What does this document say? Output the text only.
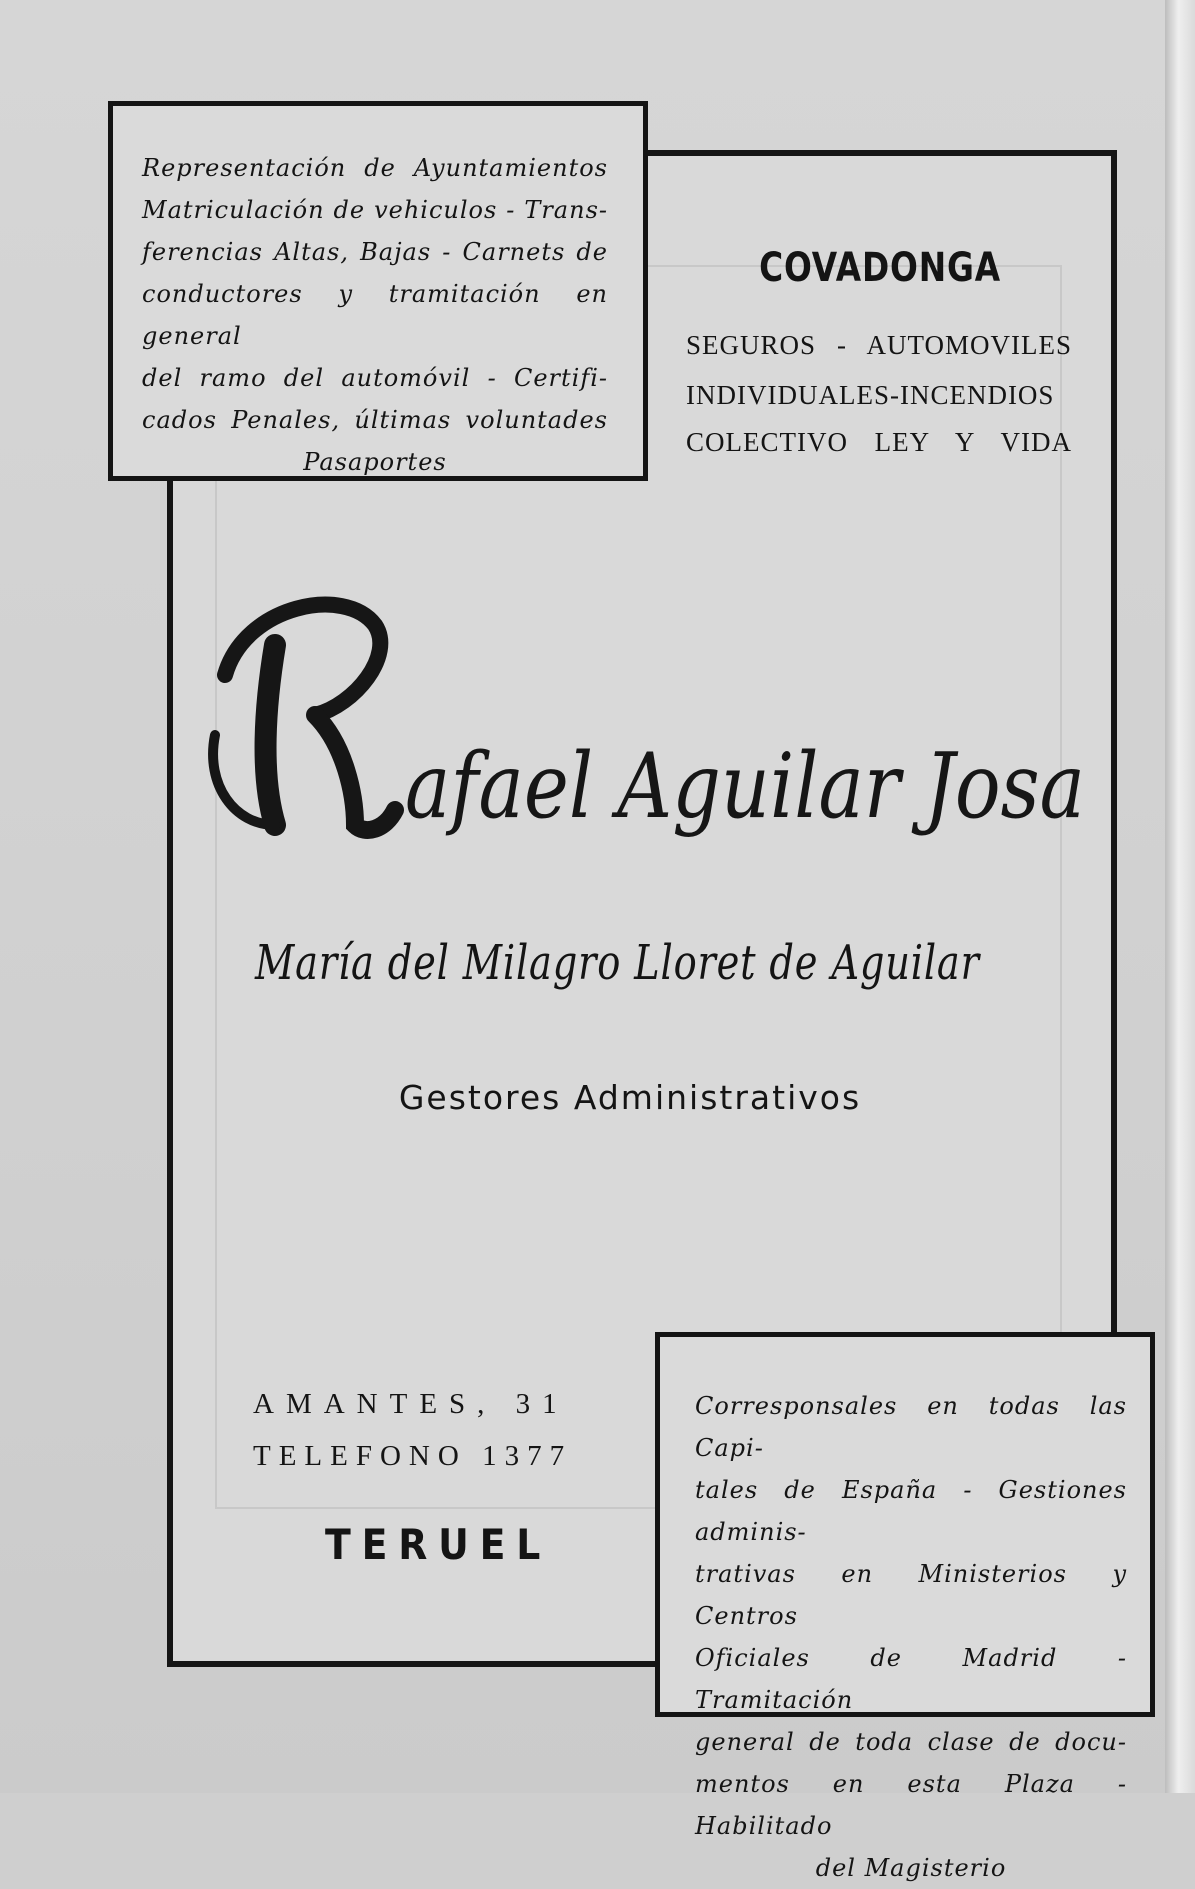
Representación de Ayuntamientos
Matriculación de vehiculos - Trans-
ferencias Altas, Bajas - Carnets de
conductores y tramitación en general
del ramo del automóvil - Certifi-
cados Penales, últimas voluntades
Pasaportes
COVADONGA
SEGUROS - AUTOMOVILES
INDIVIDUALES-INCENDIOS
COLECTIVO LEY Y VIDA
afael Aguilar Josa
María del Milagro Lloret de Aguilar
Gestores Administrativos
AMANTES, 31
TELEFONO 1377
TERUEL
Corresponsales en todas las Capi-
tales de España - Gestiones adminis-
trativas en Ministerios y Centros
Oficiales de Madrid - Tramitación
general de toda clase de docu-
mentos en esta Plaza - Habilitado
del Magisterio
